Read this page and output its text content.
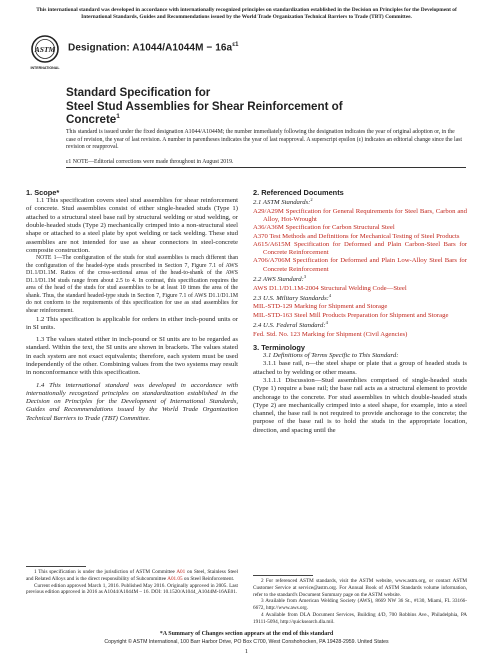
This international standard was developed in accordance with internationally recognized principles on standardization established in the Decision on Principles for the Development of International Standards, Guides and Recommendations issued by the World Trade Organization Technical Barriers to Trade (TBT) Committee.
ASTM
INTERNATIONAL
Designation: $A1044/A1044M - 16a^{\varepsilon 1}$
Standard Specification for
Steel Stud Assemblies for Shear Reinforcement of
Concrete$^1$
This standard is issued under the fixed designation A1044/A1044M; the number immediately following the designation indicates the year of original adoption or, in the case of revision, the year of last revision. A number in parentheses indicates the year of last reapproval. A superscript epsilon (ε) indicates an editorial change since the last revision or reapproval.
ε1 NOTE—Editorial corrections were made throughout in August 2019.

1. Scope*

1.1 This specification covers steel stud assemblies for shear reinforcement of concrete. Stud assemblies consist of either single-headed studs (Type 1) attached to a structural steel base rail by structural welding or stud welding, or double-headed studs (Type 2) mechanically crimped into a non-structural steel shape or attached to a steel plate by spot welding or tack welding. These stud assemblies are not intended for use as shear connectors in steel-concrete composite construction.

NOTE 1—The configuration of the studs for stud assemblies is much different than the configuration of the headed-type studs prescribed in Section 7, Figure 7.1 of AWS D1.1/D1.1M. Ratios of the cross-sectional areas of the head-to-shank of the AWS D1.1/D1.1M studs range from about 2.5 to 4. In contrast, this specification requires the area of the head of the studs for stud assemblies to be at least 10 times the area of the shank. Thus, the standard headed-type studs in Section 7, Figure 7.1 of AWS D1.1/D1.1M do not conform to the requirements of this specification for use as stud assemblies for shear reinforcement.

1.2 This specification is applicable for orders in either inch-pound units or in SI units.

1.3 The values stated either in inch-pound or SI units are to be regarded as standard. Within the text, the SI units are shown in brackets. The values stated in each system are not exact equivalents; therefore, each system must be used independently of the other. Combining values from the two systems may result in nonconformance with this specification.

1.4 This international standard was developed in accordance with internationally recognized principles on standardization established in the Decision on Principles for the Development of International Standards, Guides and Recommendations issued by the World Trade Organization Technical Barriers to Trade (TBT) Committee.

1 This specification is under the jurisdiction of ASTM Committee A01 on Steel, Stainless Steel and Related Alloys and is the direct responsibility of Subcommittee A01.05 on Steel Reinforcement.

Current edition approved March 1, 2016. Published May 2016. Originally approved in 2005. Last previous edition approved in 2016 as A1044/A1044M – 16. DOI: 10.1520/A1044_A1044M-16AE01.

2. Referenced Documents

2.1 ASTM Standards:$^2$

A29/A29M Specification for General Requirements for Steel Bars, Carbon and Alloy, Hot-Wrought

A36/A36M Specification for Carbon Structural Steel

A370 Test Methods and Definitions for Mechanical Testing of Steel Products

A615/A615M Specification for Deformed and Plain Carbon-Steel Bars for Concrete Reinforcement

A706/A706M Specification for Deformed and Plain Low-Alloy Steel Bars for Concrete Reinforcement

2.2 AWS Standard:$^3$

AWS D1.1/D1.1M-2004 Structural Welding Code—Steel

2.3 U.S. Military Standards:$^4$

MIL-STD-129 Marking for Shipment and Storage

MIL-STD-163 Steel Mill Products Preparation for Shipment and Storage

2.4 U.S. Federal Standard:$^4$

Fed. Std. No. 123 Marking for Shipment (Civil Agencies)

3. Terminology

3.1 Definitions of Terms Specific to This Standard:

3.1.1 base rail, n—the steel shape or plate that a group of headed studs is attached to by welding or other means.

3.1.1.1 Discussion—Stud assemblies comprised of single-headed studs (Type 1) require a base rail; the base rail acts as a structural element to provide anchorage to the concrete. For stud assemblies in which double-headed studs (Type 2) are mechanically crimped into a steel shape, for example, into a steel channel, the base rail is not required to provide anchorage to the concrete; the purpose of the base rail is to hold the studs in the appropriate location, direction, and spacing until the

2 For referenced ASTM standards, visit the ASTM website, www.astm.org, or contact ASTM Customer Service at service@astm.org. For Annual Book of ASTM Standards volume information, refer to the standard's Document Summary page on the ASTM website.

3 Available from American Welding Society (AWS), 8669 NW 36 St., #130, Miami, FL 33166-6672, http://www.aws.org.

4 Available from DLA Document Services, Building 4/D, 700 Robbins Ave., Philadelphia, PA 19111-5094, http://quicksearch.dla.mil.

*A Summary of Changes section appears at the end of this standard
Copyright © ASTM International, 100 Barr Harbor Drive, PO Box C700, West Conshohocken, PA 19428-2959. United States
1
